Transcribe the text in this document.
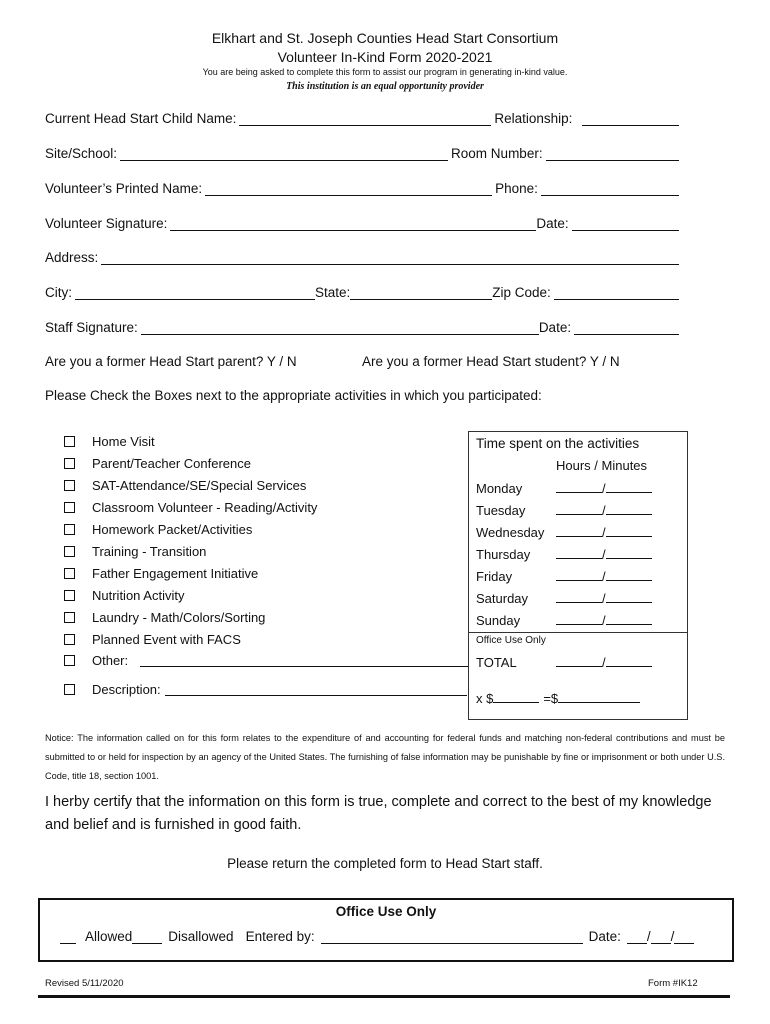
Elkhart and St. Joseph Counties Head Start Consortium
Volunteer In-Kind Form 2020-2021
You are being asked to complete this form to assist our program in generating in-kind value.
This institution is an equal opportunity provider
Current Head Start Child Name:	Relationship:
Site/School:	Room Number:
Volunteer’s Printed Name:	Phone:
Volunteer Signature:	Date:
Address:
City:	State:	Zip Code:
Staff Signature:	Date:
Are you a former Head Start parent? Y / N	Are you a former Head Start student? Y / N
Please Check the Boxes next to the appropriate activities in which you participated:
Home Visit
Parent/Teacher Conference
SAT-Attendance/SE/Special Services
Classroom Volunteer - Reading/Activity
Homework Packet/Activities
Training - Transition
Father Engagement Initiative
Nutrition Activity
Laundry - Math/Colors/Sorting
Planned Event with FACS
Other:
Description:
Time spent on the activities
Hours / Minutes
Monday	/
Tuesday	/
Wednesday	/
Thursday	/
Friday	/
Saturday	/
Sunday	/
Office Use Only
TOTAL	/
x $	=$
Notice: The information called on for this form relates to the expenditure of and accounting for federal funds and matching non-federal contributions and must be submitted to or held for inspection by an agency of the United States. The furnishing of false information may be punishable by fine or imprisonment or both under U.S. Code, title 18, section 1001.
I herby certify that the information on this form is true, complete and correct to the best of my knowledge and belief and is furnished in good faith.
Please return the completed form to Head Start staff.
Office Use Only
Allowed	Disallowed Entered by:	Date: / /
Revised 5/11/2020	Form #IK12
